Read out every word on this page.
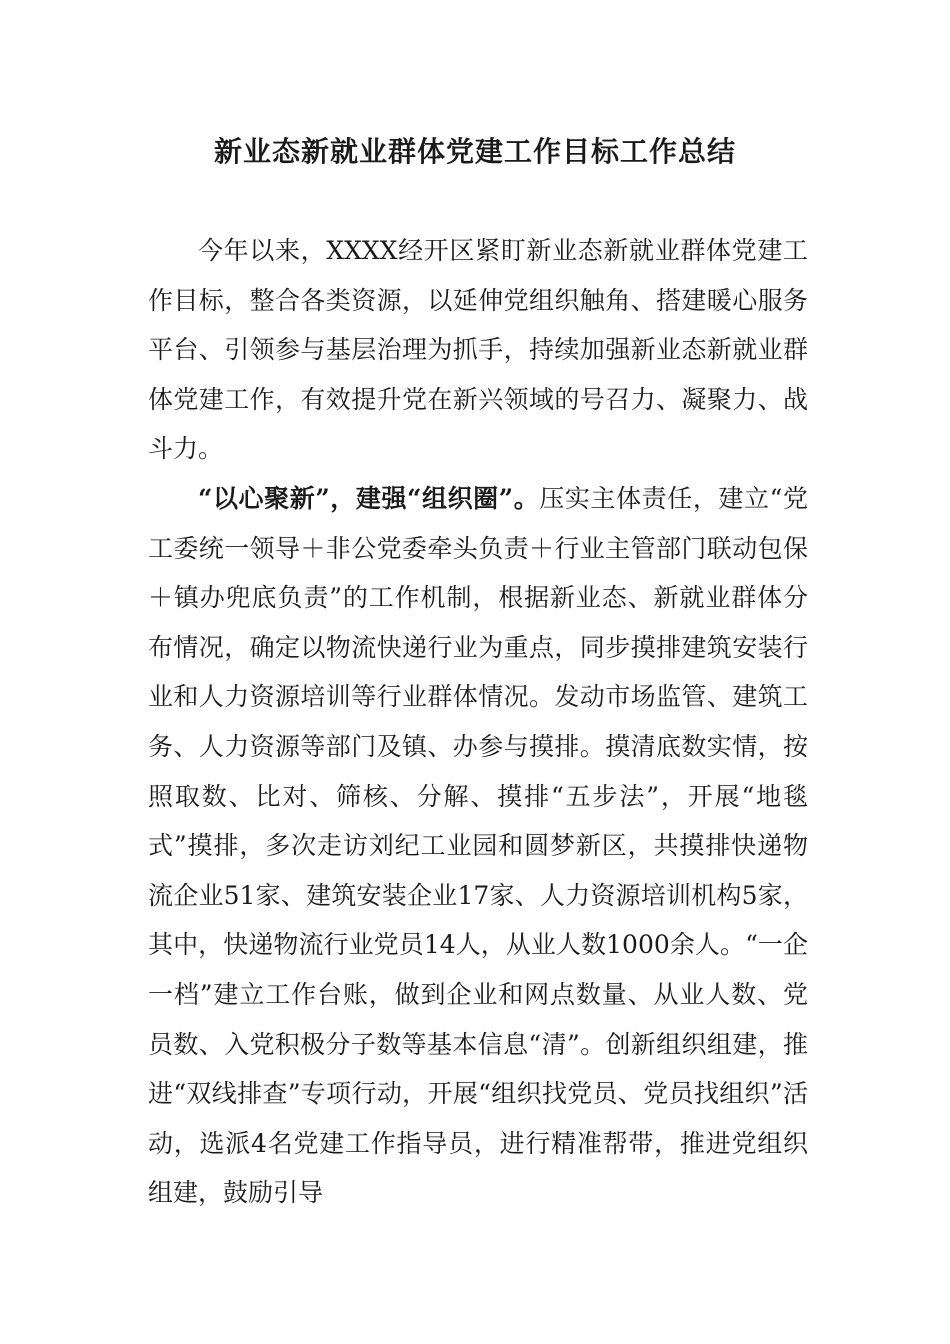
新业态新就业群体党建工作目标工作总结

今年以来，XXXX经开区紧盯新业态新就业群体党建工作目标，整合各类资源，以延伸党组织触角、搭建暖心服务平台、引领参与基层治理为抓手，持续加强新业态新就业群体党建工作，有效提升党在新兴领域的号召力、凝聚力、战斗力。

“以心聚新”，建强“组织圈”。压实主体责任，建立“党工委统一领导＋非公党委牵头负责＋行业主管部门联动包保＋镇办兜底负责”的工作机制，根据新业态、新就业群体分布情况，确定以物流快递行业为重点，同步摸排建筑安装行业和人力资源培训等行业群体情况。发动市场监管、建筑工务、人力资源等部门及镇、办参与摸排。摸清底数实情，按照取数、比对、筛核、分解、摸排“五步法”，开展“地毯式”摸排，多次走访刘纪工业园和圆梦新区，共摸排快递物流企业51家、建筑安装企业17家、人力资源培训机构5家，其中，快递物流行业党员14人，从业人数1000余人。“一企一档”建立工作台账，做到企业和网点数量、从业人数、党员数、入党积极分子数等基本信息“清”。创新组织组建，推进“双线排查”专项行动，开展“组织找党员、党员找组织”活动，选派4名党建工作指导员，进行精准帮带，推进党组织组建，鼓励引导
